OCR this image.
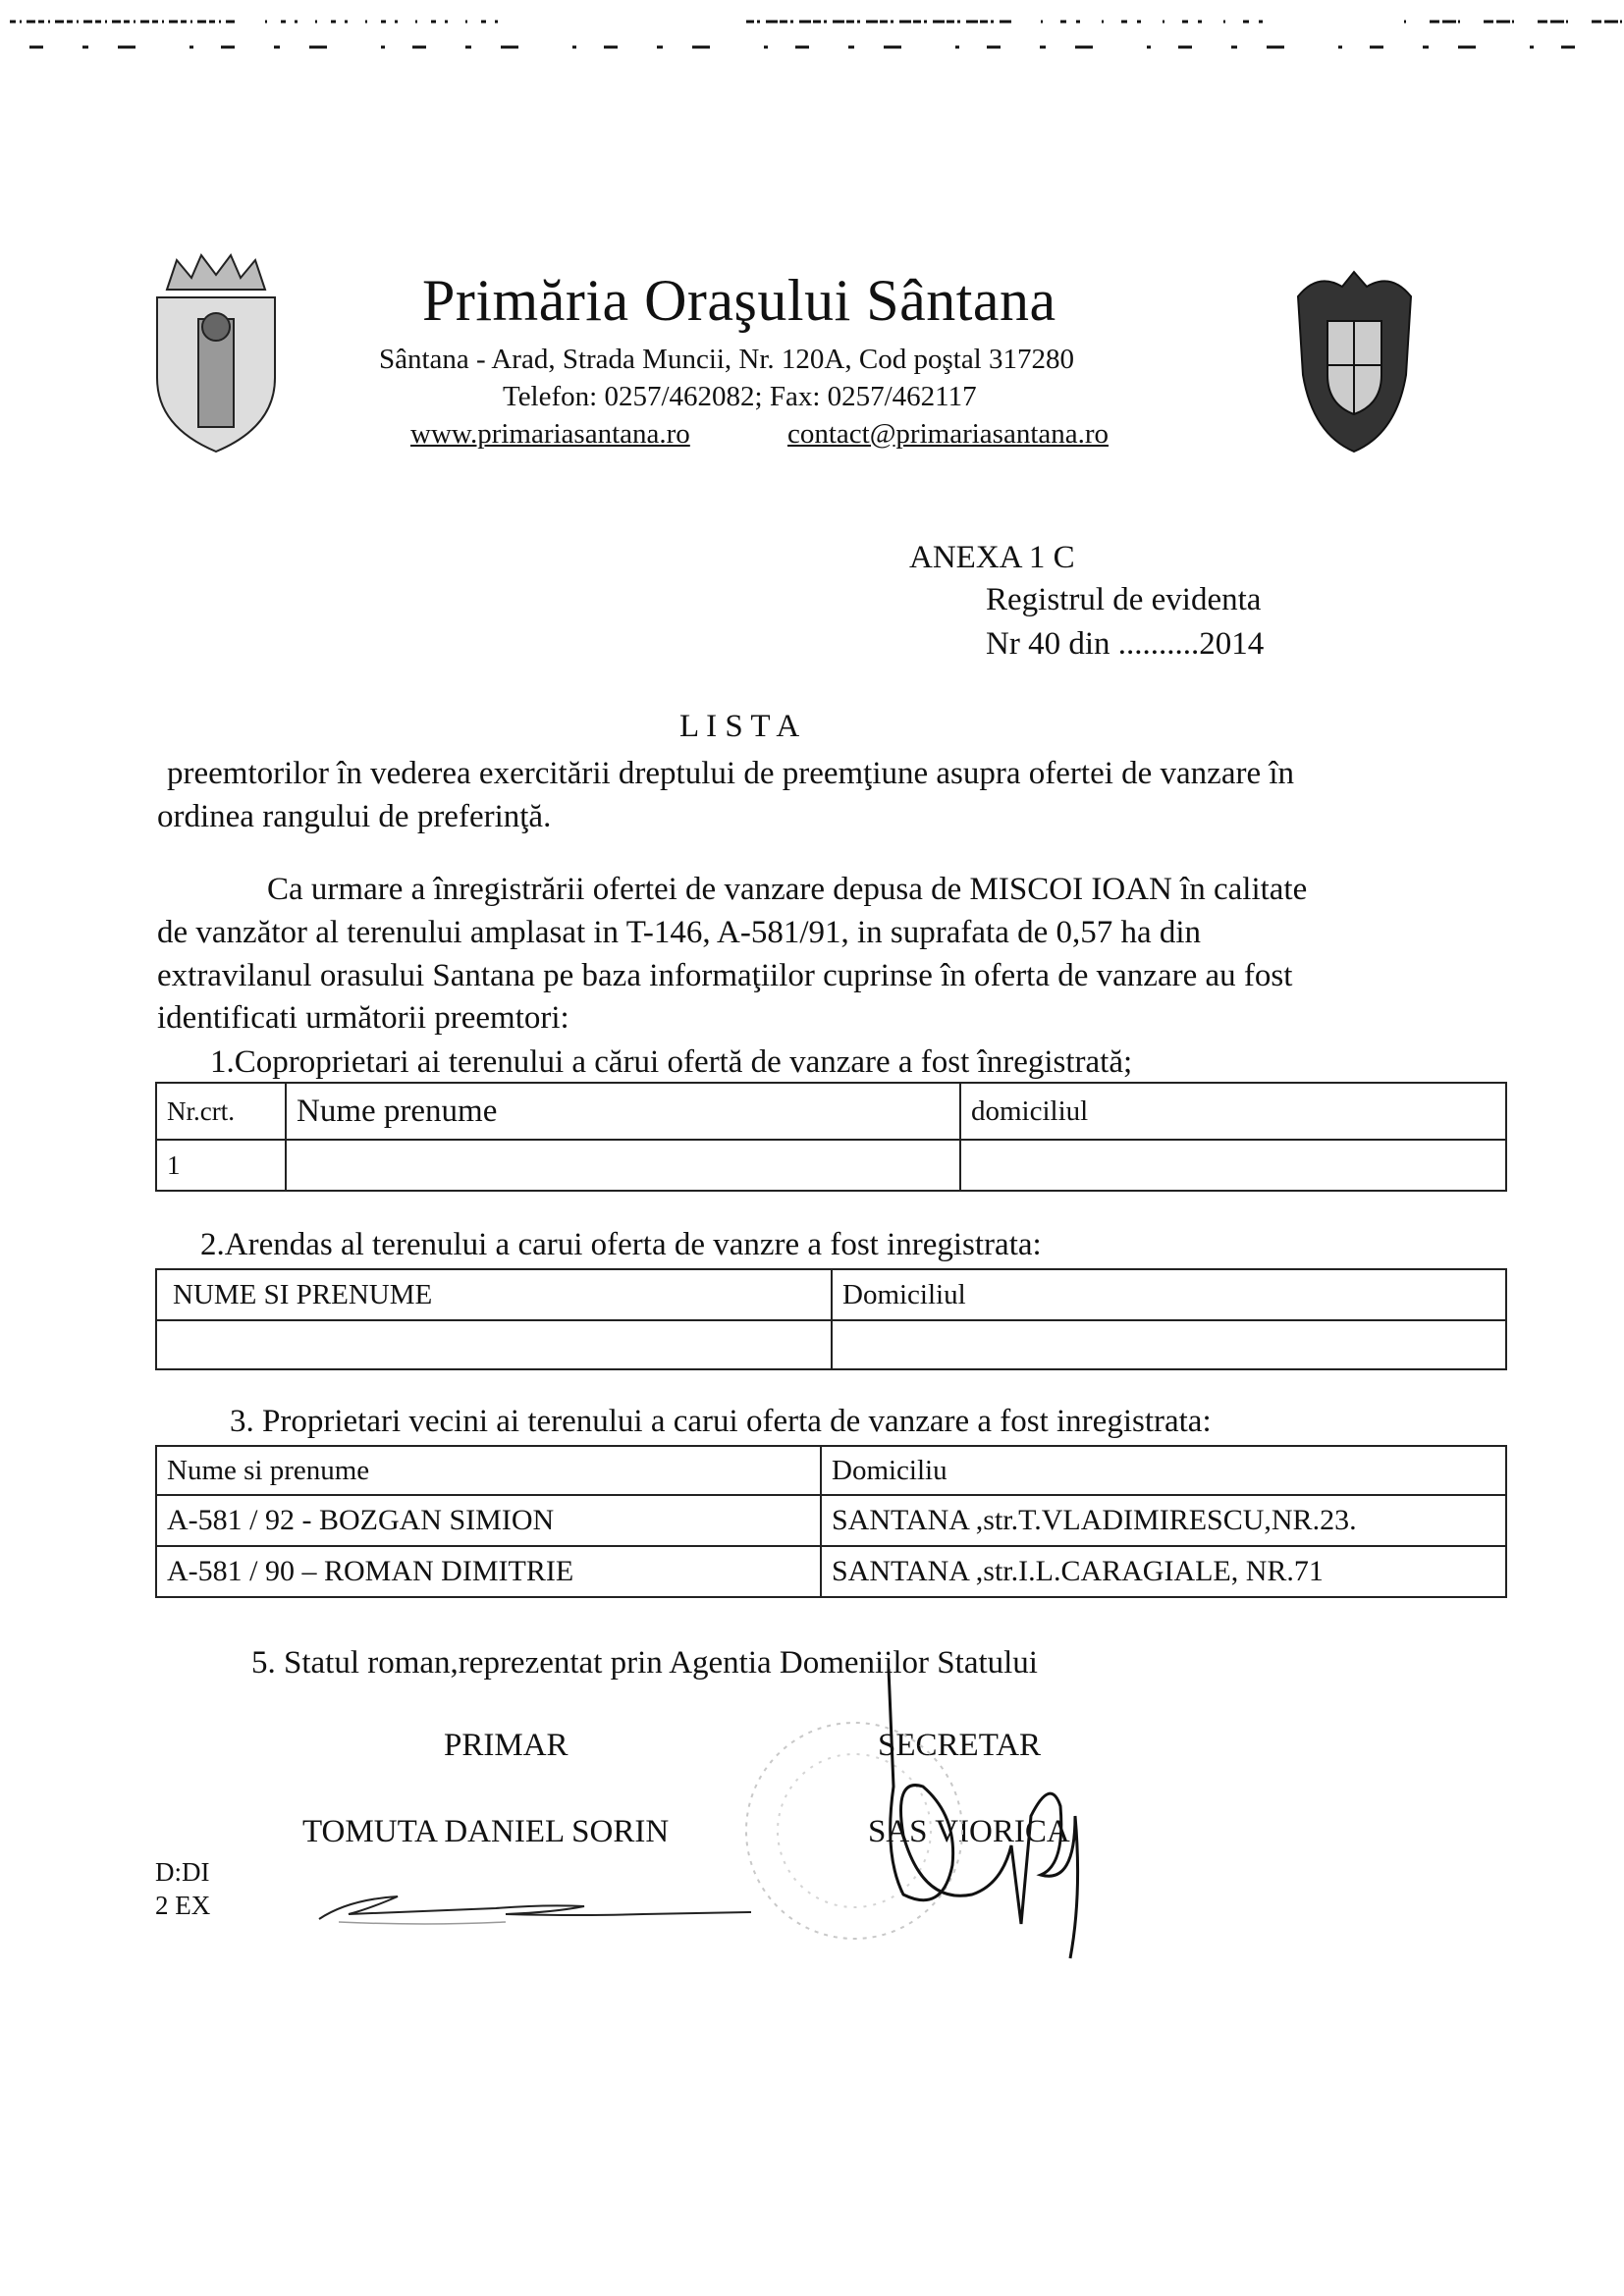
Primăria Oraşului Sântana
Sântana - Arad, Strada Muncii, Nr. 120A, Cod poştal 317280
Telefon: 0257/462082; Fax: 0257/462117
www.primariasantana.ro	contact@primariasantana.ro
ANEXA 1 C
Registrul de evidenta
Nr 40 din ..........2014
L I S T A
preemtorilor în vederea exercitării dreptului de preemţiune asupra ofertei de vanzare în
ordinea rangului de preferinţă.
Ca urmare a înregistrării ofertei de vanzare depusa de MISCOI IOAN în calitate
de vanzător al terenului amplasat in T-146, A-581/91, in suprafata de 0,57 ha din
extravilanul orasului Santana pe baza informaţiilor cuprinse în oferta de vanzare au fost
identificati următorii preemtori:
1.Coproprietari ai terenului a cărui ofertă de vanzare a fost înregistrată;
Nr.crt.	Nume prenume	domiciliul
1		
2.Arendas al terenului a carui oferta de vanzre a fost inregistrata:
NUME SI PRENUME	Domiciliul

3. Proprietari vecini ai terenului a carui oferta de vanzare a fost inregistrata:
Nume si prenume	Domiciliu
A-581 / 92 - BOZGAN SIMION	SANTANA ,str.T.VLADIMIRESCU,NR.23.
A-581 / 90 – ROMAN DIMITRIE	SANTANA ,str.I.L.CARAGIALE, NR.71
5. Statul roman,reprezentat prin Agentia Domeniilor Statului
PRIMAR
TOMUTA DANIEL SORIN
SECRETAR
SAS VIORICA
D:DI
2 EX
